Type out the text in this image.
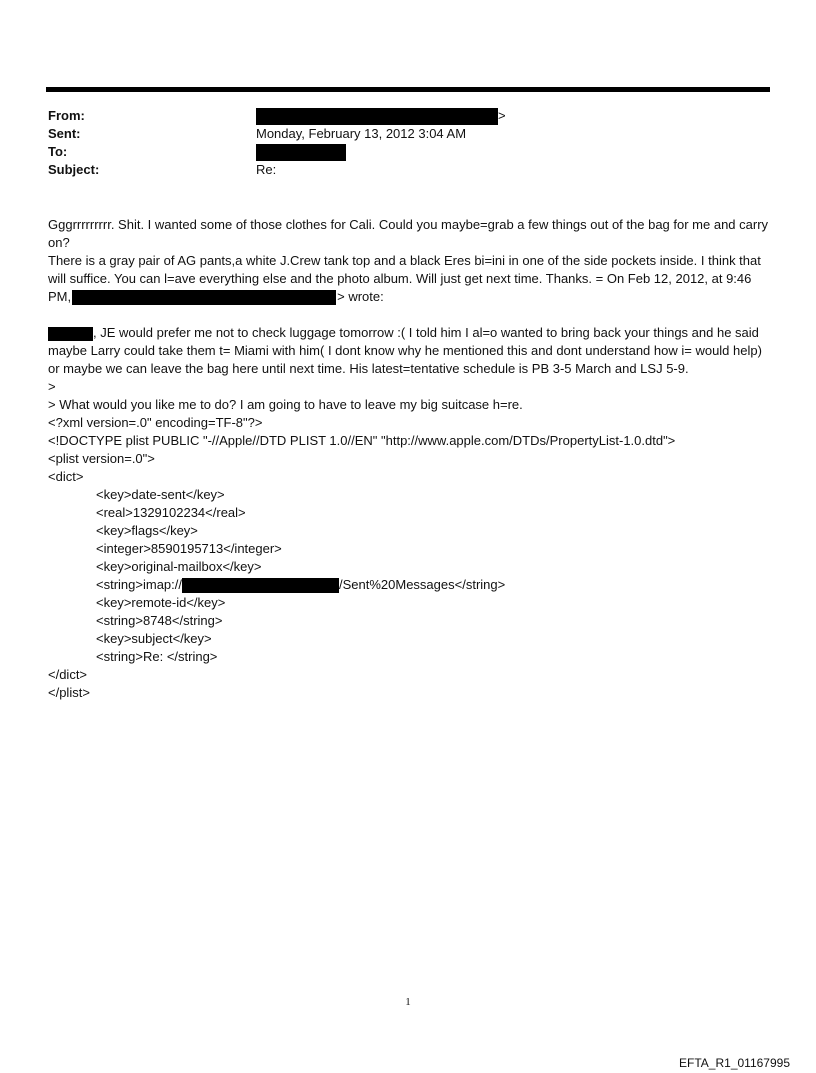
From:	>
Sent:	Monday, February 13, 2012 3:04 AM
To:
Subject:	Re:

Gggrrrrrrrrr. Shit. I wanted some of those clothes for Cali. Could you maybe=grab a few things out of the bag for me and carry on?

There is a gray pair of AG pants,a white J.Crew tank top and a black Eres bi=ini in one of the side pockets inside. I think that will suffice. You can l=ave everything else and the photo album. Will just get next time. Thanks. = On Feb 12, 2012, at 9:46 PM,	> wrote:

, JE would prefer me not to check luggage tomorrow :( I told him I al=o wanted to bring back your things and he said maybe Larry could take them t= Miami with him( I dont know why he mentioned this and dont understand how i= would help) or maybe we can leave the bag here until next time. His latest=tentative schedule is PB 3-5 March and LSJ 5-9.

>

> What would you like me to do? I am going to have to leave my big suitcase h=re.

<?xml version=.0" encoding=TF-8"?>

<!DOCTYPE plist PUBLIC "-//Apple//DTD PLIST 1.0//EN" "http://www.apple.com/DTDs/PropertyList-1.0.dtd">

<plist version=.0">

<dict>

<key>date-sent</key>

<real>1329102234</real>

<key>flags</key>

<integer>8590195713</integer>

<key>original-mailbox</key>

<string>imap://	/Sent%20Messages</string>

<key>remote-id</key>

<string>8748</string>

<key>subject</key>

<string>Re: </string>

</dict>

</plist>

1
EFTA_R1_01167995
